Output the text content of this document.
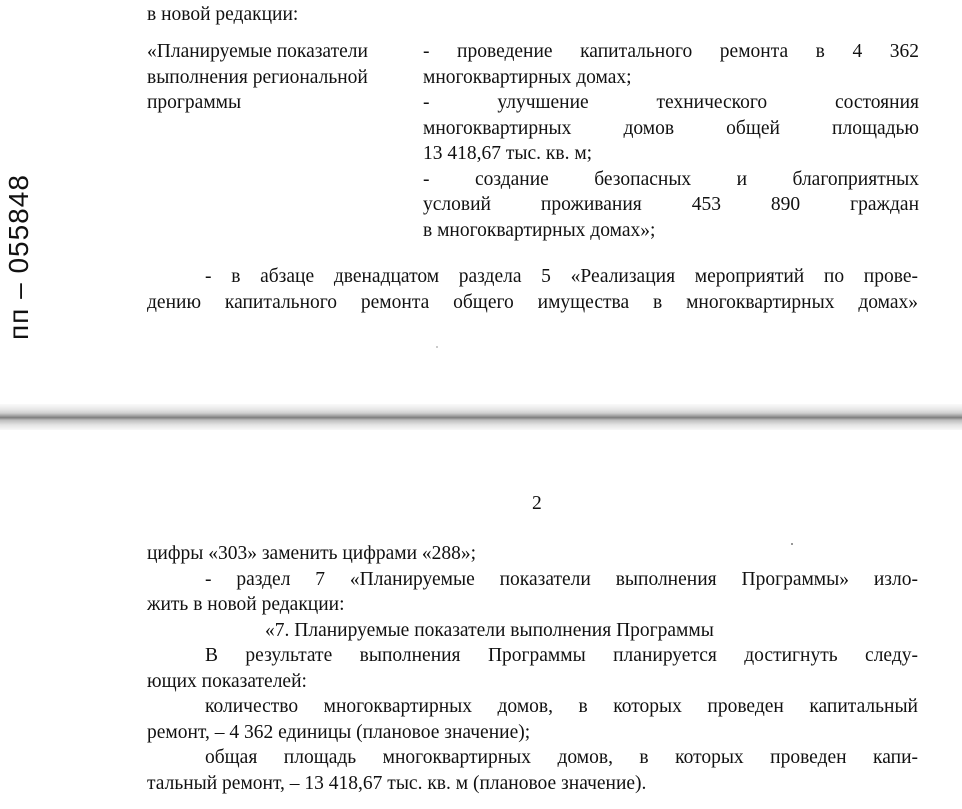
пп – 055848
в новой редакции:
«Планируемые показатели
выполнения региональной
программы
- проведение капитального ремонта в 4 362
многоквартирных домах;
- улучшение технического состояния
многоквартирных домов общей площадью
13 418,67 тыс. кв. м;
- создание безопасных и благоприятных
условий проживания 453 890 граждан
в многоквартирных домах»;
- в абзаце двенадцатом раздела 5 «Реализация мероприятий по прове-
дению капитального ремонта общего имущества в многоквартирных домах»
2
цифры «303» заменить цифрами «288»;
- раздел 7 «Планируемые показатели выполнения Программы» изло-
жить в новой редакции:
«7. Планируемые показатели выполнения Программы
В результате выполнения Программы планируется достигнуть следу-
ющих показателей:
количество многоквартирных домов, в которых проведен капитальный
ремонт, – 4 362 единицы (плановое значение);
общая площадь многоквартирных домов, в которых проведен капи-
тальный ремонт, – 13 418,67 тыс. кв. м (плановое значение).
